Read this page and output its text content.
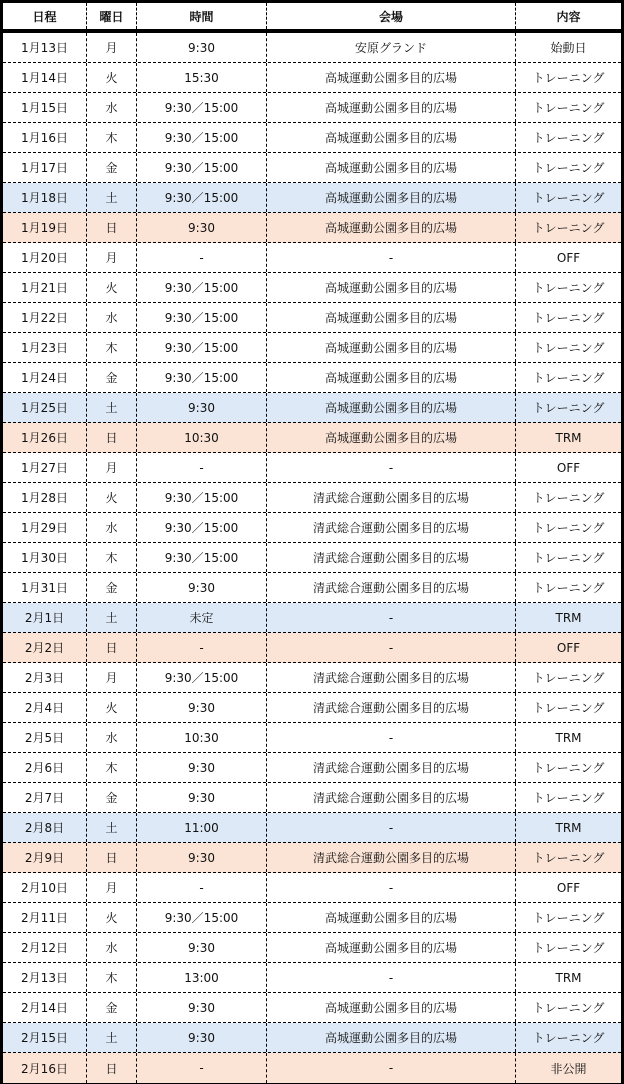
日程	曜日	時間	会場	内容
1月13日	月	9:30	安原グランド	始動日
1月14日	火	15:30	高城運動公園多目的広場	トレーニング
1月15日	水	9:30／15:00	高城運動公園多目的広場	トレーニング
1月16日	木	9:30／15:00	高城運動公園多目的広場	トレーニング
1月17日	金	9:30／15:00	高城運動公園多目的広場	トレーニング
1月18日	土	9:30／15:00	高城運動公園多目的広場	トレーニング
1月19日	日	9:30	高城運動公園多目的広場	トレーニング
1月20日	月	-	-	OFF
1月21日	火	9:30／15:00	高城運動公園多目的広場	トレーニング
1月22日	水	9:30／15:00	高城運動公園多目的広場	トレーニング
1月23日	木	9:30／15:00	高城運動公園多目的広場	トレーニング
1月24日	金	9:30／15:00	高城運動公園多目的広場	トレーニング
1月25日	土	9:30	高城運動公園多目的広場	トレーニング
1月26日	日	10:30	高城運動公園多目的広場	TRM
1月27日	月	-	-	OFF
1月28日	火	9:30／15:00	清武総合運動公園多目的広場	トレーニング
1月29日	水	9:30／15:00	清武総合運動公園多目的広場	トレーニング
1月30日	木	9:30／15:00	清武総合運動公園多目的広場	トレーニング
1月31日	金	9:30	清武総合運動公園多目的広場	トレーニング
2月1日	土	未定	-	TRM
2月2日	日	-	-	OFF
2月3日	月	9:30／15:00	清武総合運動公園多目的広場	トレーニング
2月4日	火	9:30	清武総合運動公園多目的広場	トレーニング
2月5日	水	10:30	-	TRM
2月6日	木	9:30	清武総合運動公園多目的広場	トレーニング
2月7日	金	9:30	清武総合運動公園多目的広場	トレーニング
2月8日	土	11:00	-	TRM
2月9日	日	9:30	清武総合運動公園多目的広場	トレーニング
2月10日	月	-	-	OFF
2月11日	火	9:30／15:00	高城運動公園多目的広場	トレーニング
2月12日	水	9:30	高城運動公園多目的広場	トレーニング
2月13日	木	13:00	-	TRM
2月14日	金	9:30	高城運動公園多目的広場	トレーニング
2月15日	土	9:30	高城運動公園多目的広場	トレーニング
2月16日	日	-	-	非公開
